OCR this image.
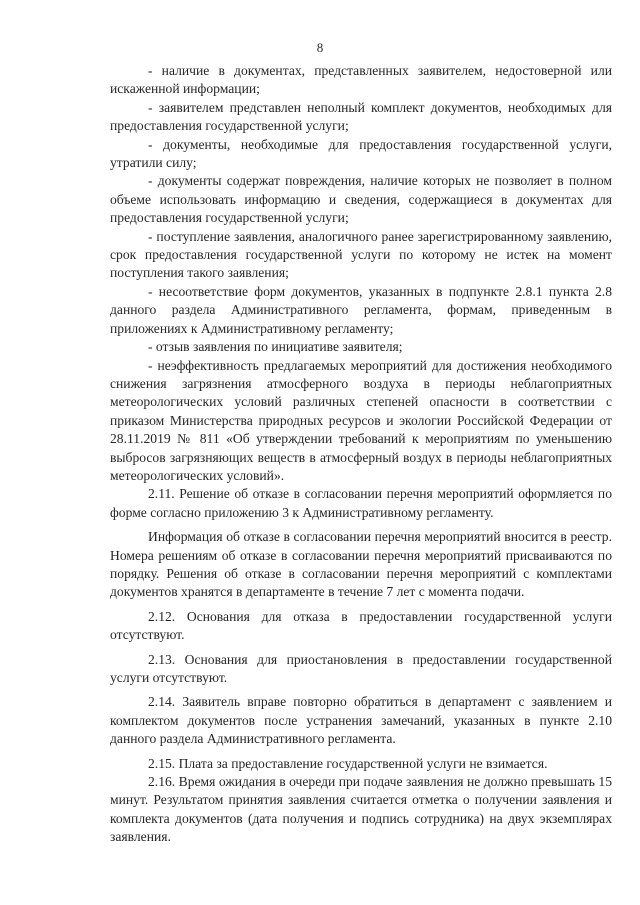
8

- наличие в документах, представленных заявителем, недостоверной или искаженной информации;

- заявителем представлен неполный комплект документов, необходимых для предоставления государственной услуги;

- документы, необходимые для предоставления государственной услуги, утратили силу;

- документы содержат повреждения, наличие которых не позволяет в полном объеме использовать информацию и сведения, содержащиеся в документах для предоставления государственной услуги;

- поступление заявления, аналогичного ранее зарегистрированному заявлению, срок предоставления государственной услуги по которому не истек на момент поступления такого заявления;

- несоответствие форм документов, указанных в подпункте 2.8.1 пункта 2.8 данного раздела Административного регламента, формам, приведенным в приложениях к Административному регламенту;

- отзыв заявления по инициативе заявителя;

- неэффективность предлагаемых мероприятий для достижения необходимого снижения загрязнения атмосферного воздуха в периоды неблагоприятных метеорологических условий различных степеней опасности в соответствии с приказом Министерства природных ресурсов и экологии Российской Федерации от 28.11.2019 № 811 «Об утверждении требований к мероприятиям по уменьшению выбросов загрязняющих веществ в атмосферный воздух в периоды неблагоприятных метеорологических условий».

2.11. Решение об отказе в согласовании перечня мероприятий оформляется по форме согласно приложению 3 к Административному регламенту.

Информация об отказе в согласовании перечня мероприятий вносится в реестр. Номера решениям об отказе в согласовании перечня мероприятий присваиваются по порядку. Решения об отказе в согласовании перечня мероприятий с комплектами документов хранятся в департаменте в течение 7 лет с момента подачи.

2.12. Основания для отказа в предоставлении государственной услуги отсутствуют.

2.13. Основания для приостановления в предоставлении государственной услуги отсутствуют.

2.14. Заявитель вправе повторно обратиться в департамент с заявлением и комплектом документов после устранения замечаний, указанных в пункте 2.10 данного раздела Административного регламента.

2.15. Плата за предоставление государственной услуги не взимается.

2.16. Время ожидания в очереди при подаче заявления не должно превышать 15 минут. Результатом принятия заявления считается отметка о получении заявления и комплекта документов (дата получения и подпись сотрудника) на двух экземплярах заявления.
